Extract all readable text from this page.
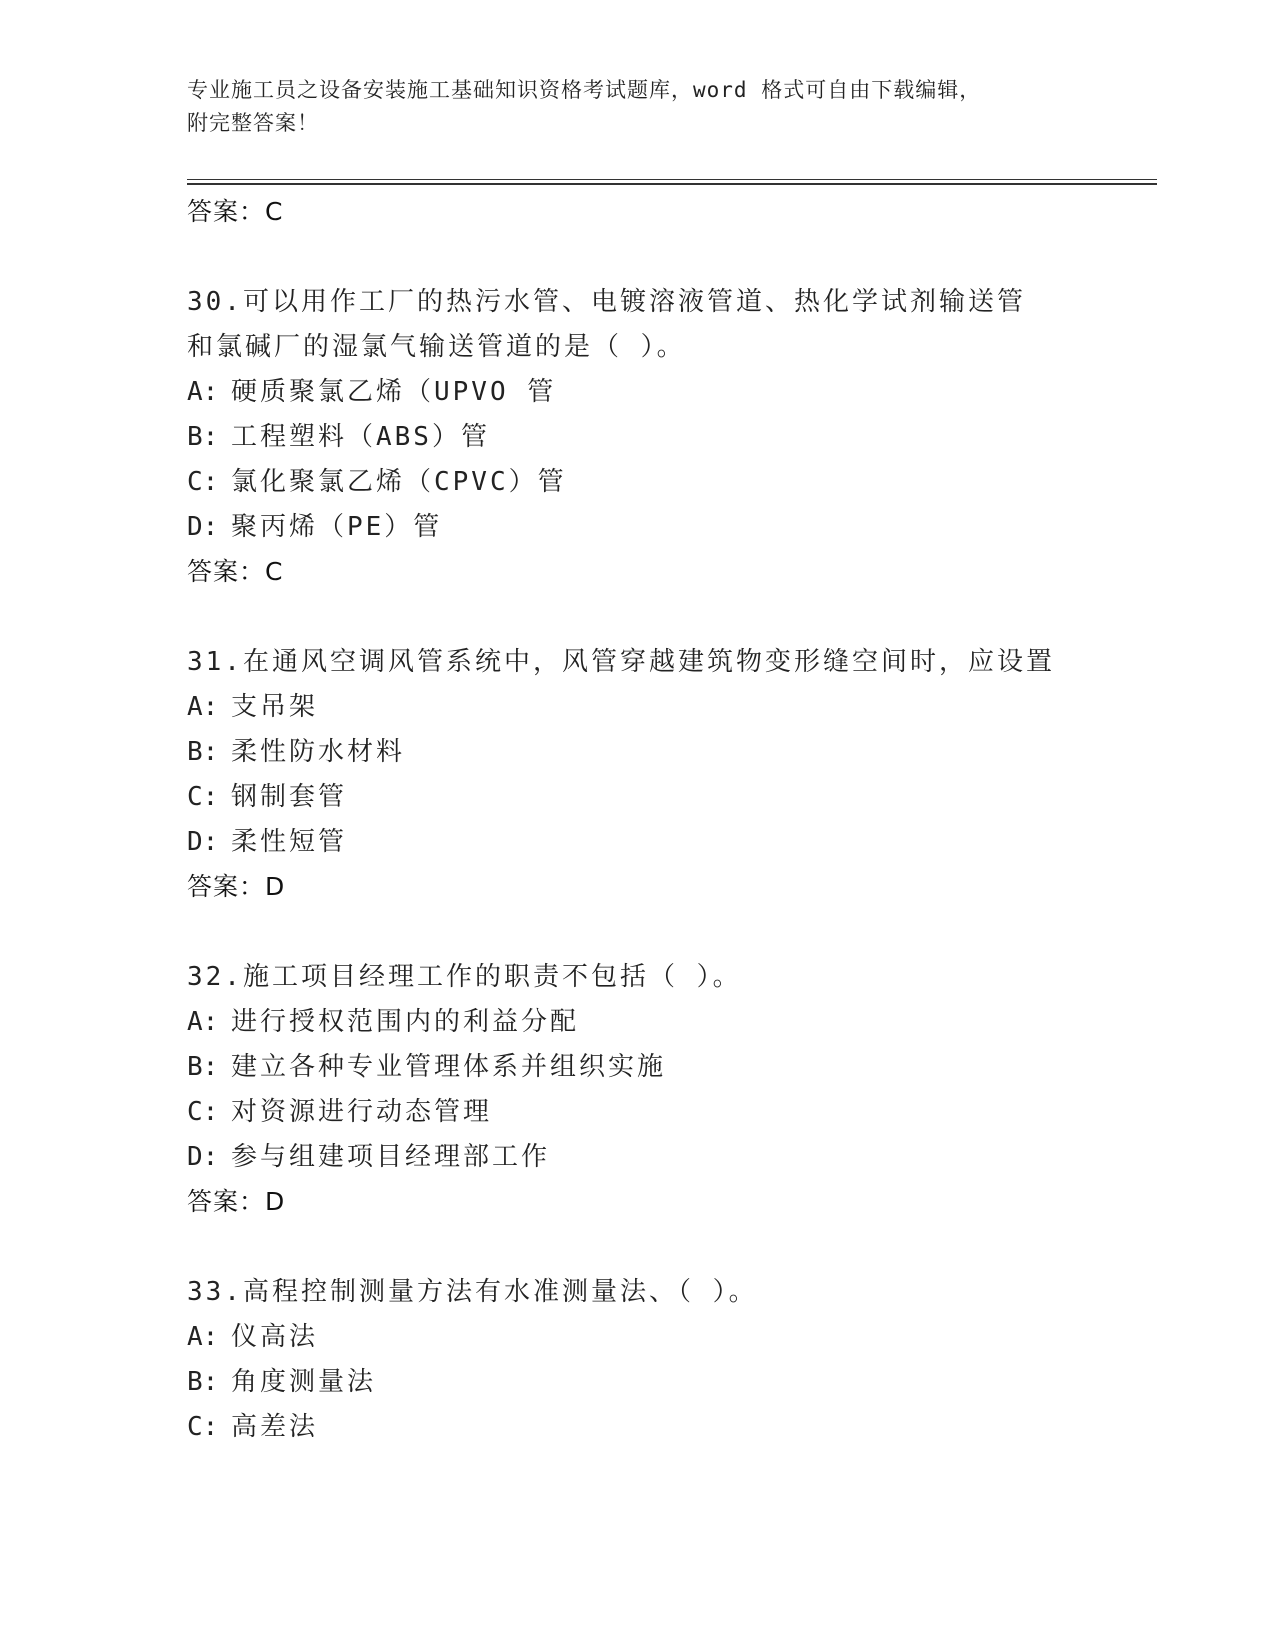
专业施工员之设备安装施工基础知识资格考试题库，word 格式可自由下载编辑，
附完整答案！
答案：C
30.可以用作工厂的热污水管、电镀溶液管道、热化学试剂输送管和氯碱厂的湿氯气输送管道的是（ ）。
A: 硬质聚氯乙烯（UPVO 管
B: 工程塑料（ABS）管
C: 氯化聚氯乙烯（CPVC）管
D: 聚丙烯（PE）管
答案：C
31.在通风空调风管系统中，风管穿越建筑物变形缝空间时，应设置
A: 支吊架
B: 柔性防水材料
C: 钢制套管
D: 柔性短管
答案：D
32.施工项目经理工作的职责不包括（ ）。
A: 进行授权范围内的利益分配
B: 建立各种专业管理体系并组织实施
C: 对资源进行动态管理
D: 参与组建项目经理部工作
答案：D
33.高程控制测量方法有水准测量法、（ ）。
A: 仪高法
B: 角度测量法
C: 高差法
